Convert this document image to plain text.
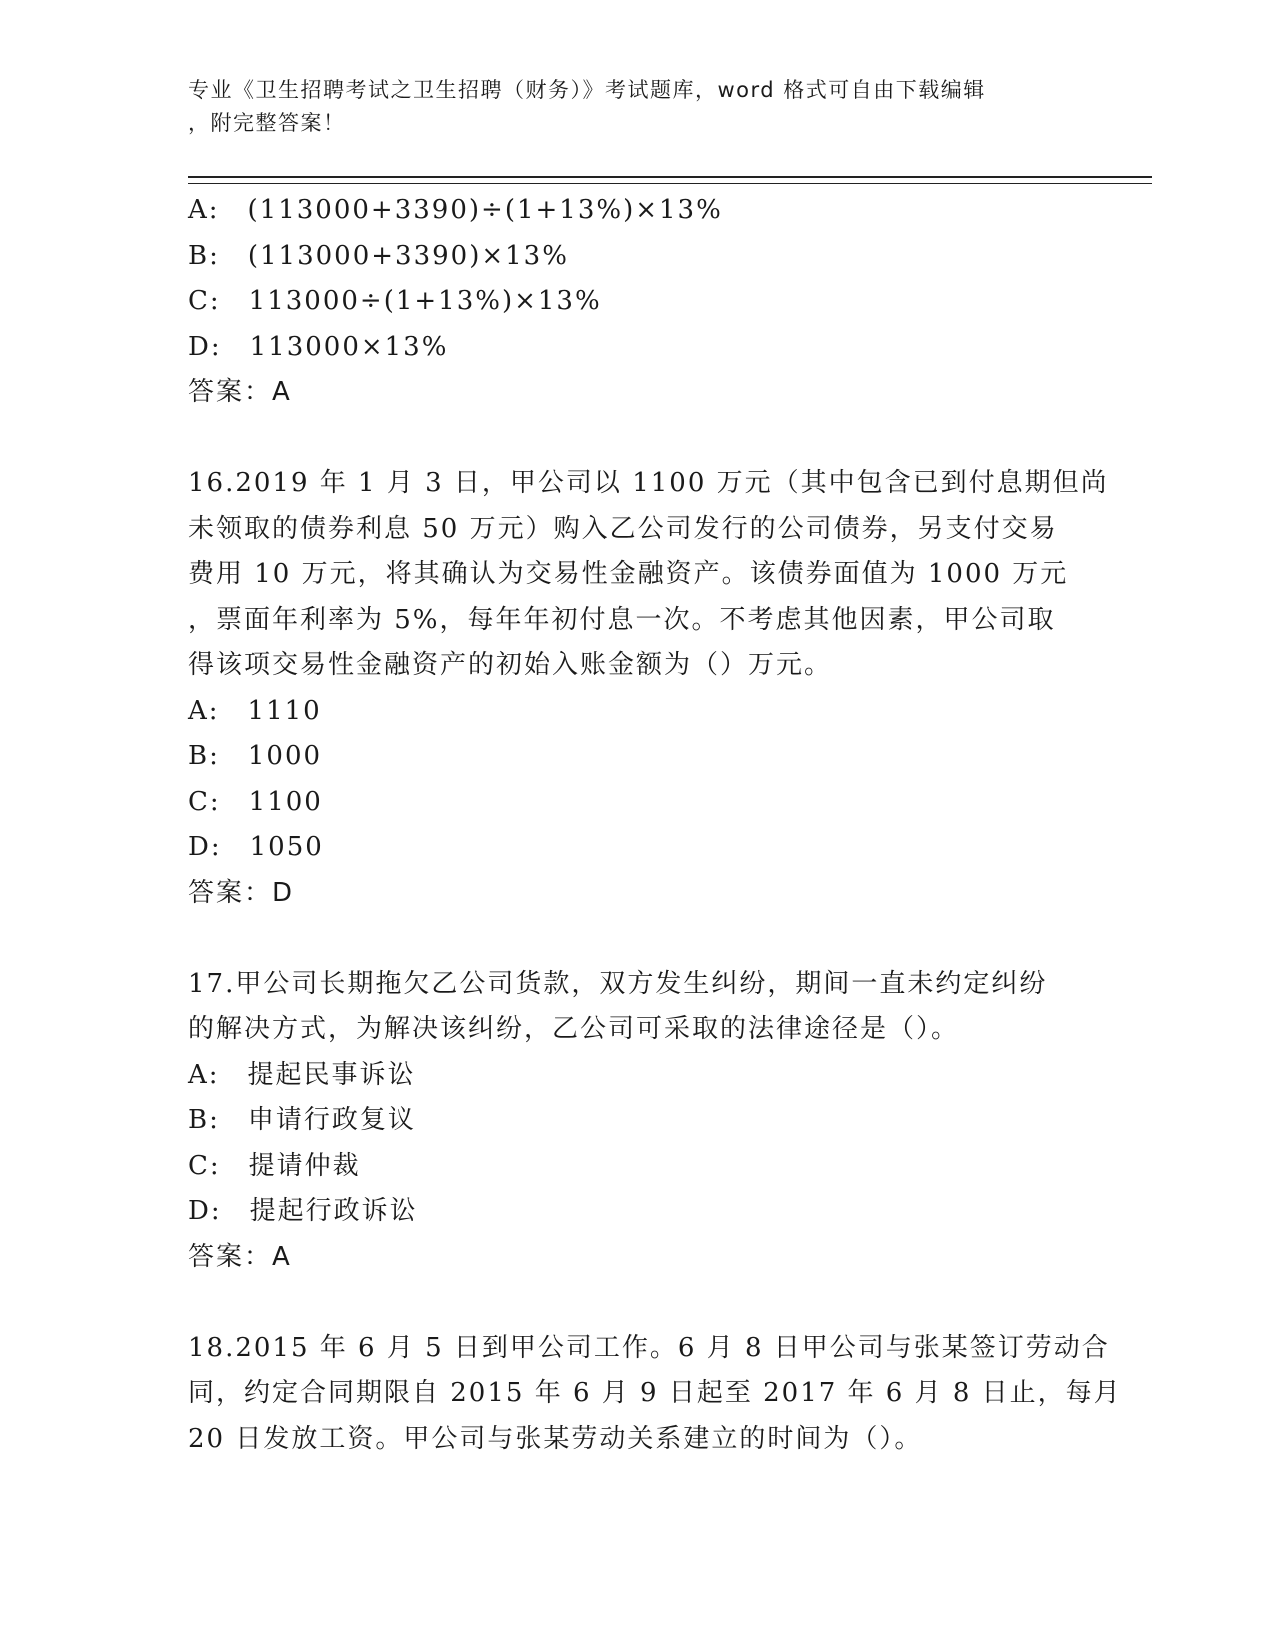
专业《卫生招聘考试之卫生招聘（财务）》考试题库，word 格式可自由下载编辑

，附完整答案！

A:　(113000+3390)÷(1+13%)×13%

B:　(113000+3390)×13%

C:　113000÷(1+13%)×13%

D:　113000×13%

答案：A

16.2019 年 1 月 3 日，甲公司以 1100 万元（其中包含已到付息期但尚

未领取的债券利息 50 万元）购入乙公司发行的公司债券，另支付交易

费用 10 万元，将其确认为交易性金融资产。该债券面值为 1000 万元

，票面年利率为 5%，每年年初付息一次。不考虑其他因素，甲公司取

得该项交易性金融资产的初始入账金额为（）万元。

A:　1110

B:　1000

C:　1100

D:　1050

答案：D

17.甲公司长期拖欠乙公司货款，双方发生纠纷，期间一直未约定纠纷

的解决方式，为解决该纠纷，乙公司可采取的法律途径是（）。

A:　提起民事诉讼

B:　申请行政复议

C:　提请仲裁

D:　提起行政诉讼

答案：A

18.2015 年 6 月 5 日到甲公司工作。6 月 8 日甲公司与张某签订劳动合

同，约定合同期限自 2015 年 6 月 9 日起至 2017 年 6 月 8 日止，每月

20 日发放工资。甲公司与张某劳动关系建立的时间为（）。
